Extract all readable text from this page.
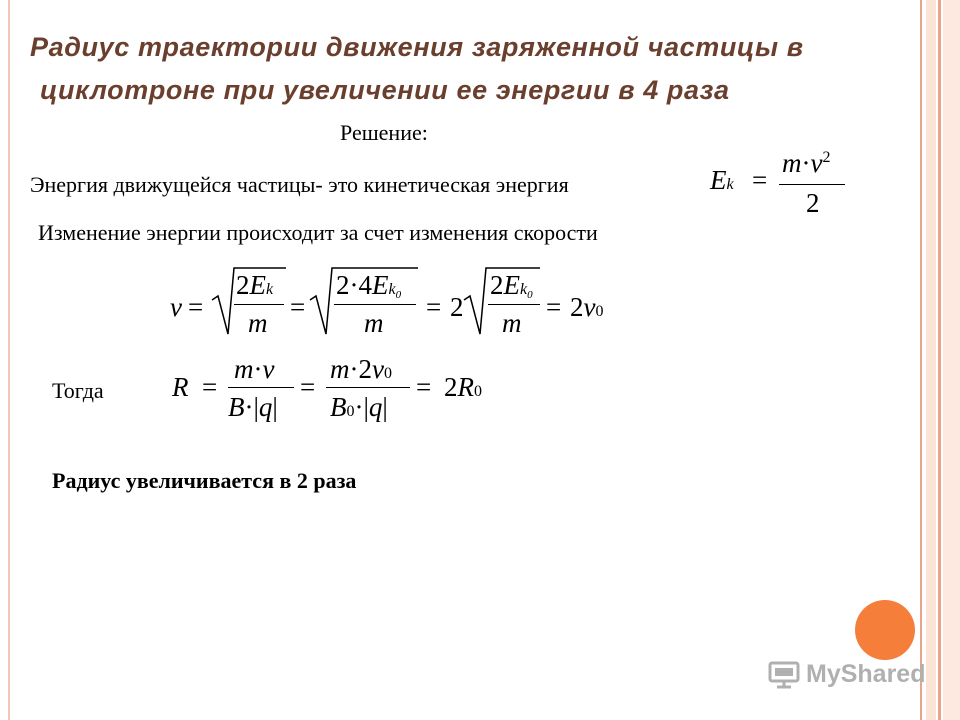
Радиус траектории движения заряженной частицы в
циклотроне при увеличении ее энергии в 4 раза
Решение:
Энергия движущейся частицы- это кинетическая энергия
Изменение энергии происходит за счет изменения скорости
Тогда
Радиус увеличивается в 2 раза
Ek =
$m\cdot v^2$
2
v =
2Ek
m
=
$2\cdot 4Ek_0$
m
= 2
$2Ek_0$
m
= 2v0
R =
m·v
B·|q|
=
m·2v0
B0·|q|
= 2R0
MyShared
